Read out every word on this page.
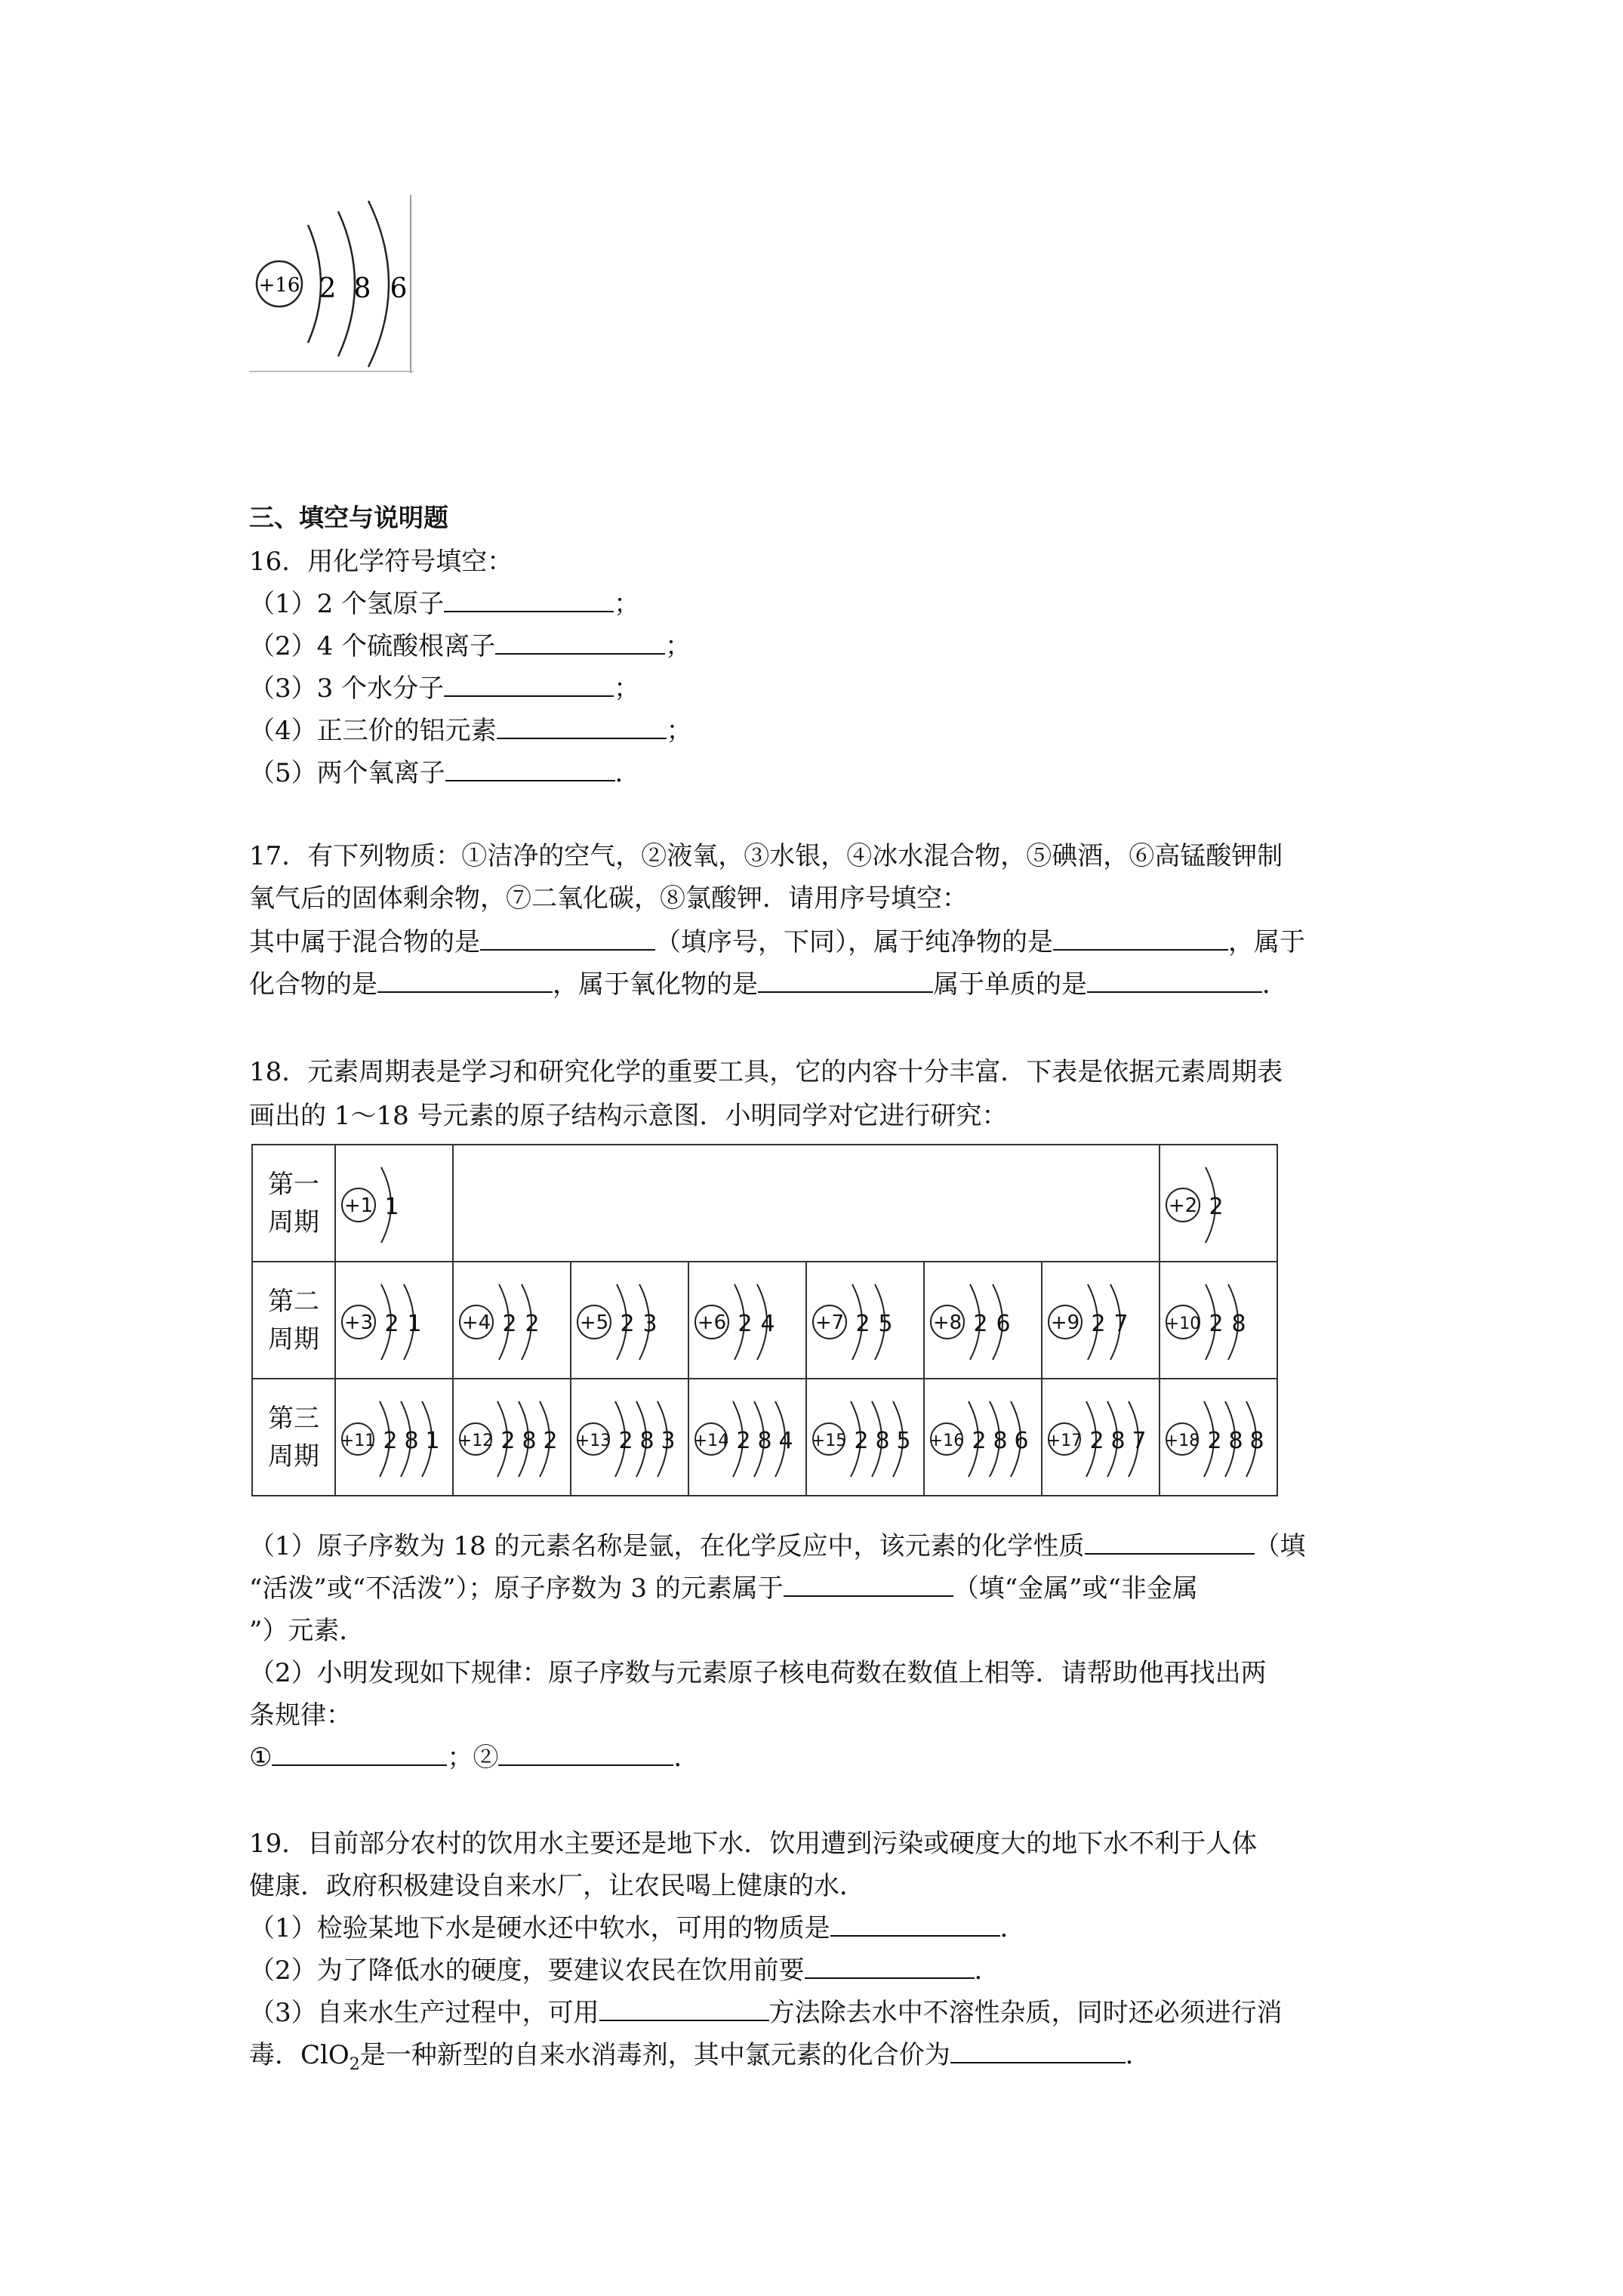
+16 2 8 6
三、填空与说明题
16．用化学符号填空：
（1）2 个氢原子	；
（2）4 个硫酸根离子	；
（3）3 个水分子	；
（4）正三价的铝元素	；
（5）两个氧离子	．
17．有下列物质：①洁净的空气，②液氧，③水银，④冰水混合物，⑤碘酒，⑥高锰酸钾制
氧气后的固体剩余物，⑦二氧化碳，⑧氯酸钾．请用序号填空：
其中属于混合物的是	（填序号，下同），属于纯净物的是	，属于
化合物的是	，属于氧化物的是	属于单质的是	．
18．元素周期表是学习和研究化学的重要工具，它的内容十分丰富．下表是依据元素周期表
画出的 1～18 号元素的原子结构示意图．小明同学对它进行研究：
第一
周期	+1 1							+2 2

第二
周期	+3 2 1	+4 2 2	+5 2 3	+6 2 4	+7 2 5	+8 2 6	+9 2 7	+10 2 8

第三
周期	+11 2 8 1	+12 2 8 2	+13 2 8 3	+14 2 8 4	+15 2 8 5	+16 2 8 6	+17 2 8 7	+18 2 8 8
（1）原子序数为 18 的元素名称是氩，在化学反应中，该元素的化学性质	（填
“活泼”或“不活泼”）；原子序数为 3 的元素属于	（填“金属”或“非金属
”）元素．
（2）小明发现如下规律：原子序数与元素原子核电荷数在数值上相等．请帮助他再找出两
条规律：
①	；②	．
19．目前部分农村的饮用水主要还是地下水．饮用遭到污染或硬度大的地下水不利于人体
健康．政府积极建设自来水厂，让农民喝上健康的水．
（1）检验某地下水是硬水还中软水，可用的物质是	．
（2）为了降低水的硬度，要建议农民在饮用前要	．
（3）自来水生产过程中，可用	方法除去水中不溶性杂质，同时还必须进行消
毒．ClO$_2$是一种新型的自来水消毒剂，其中氯元素的化合价为	．
